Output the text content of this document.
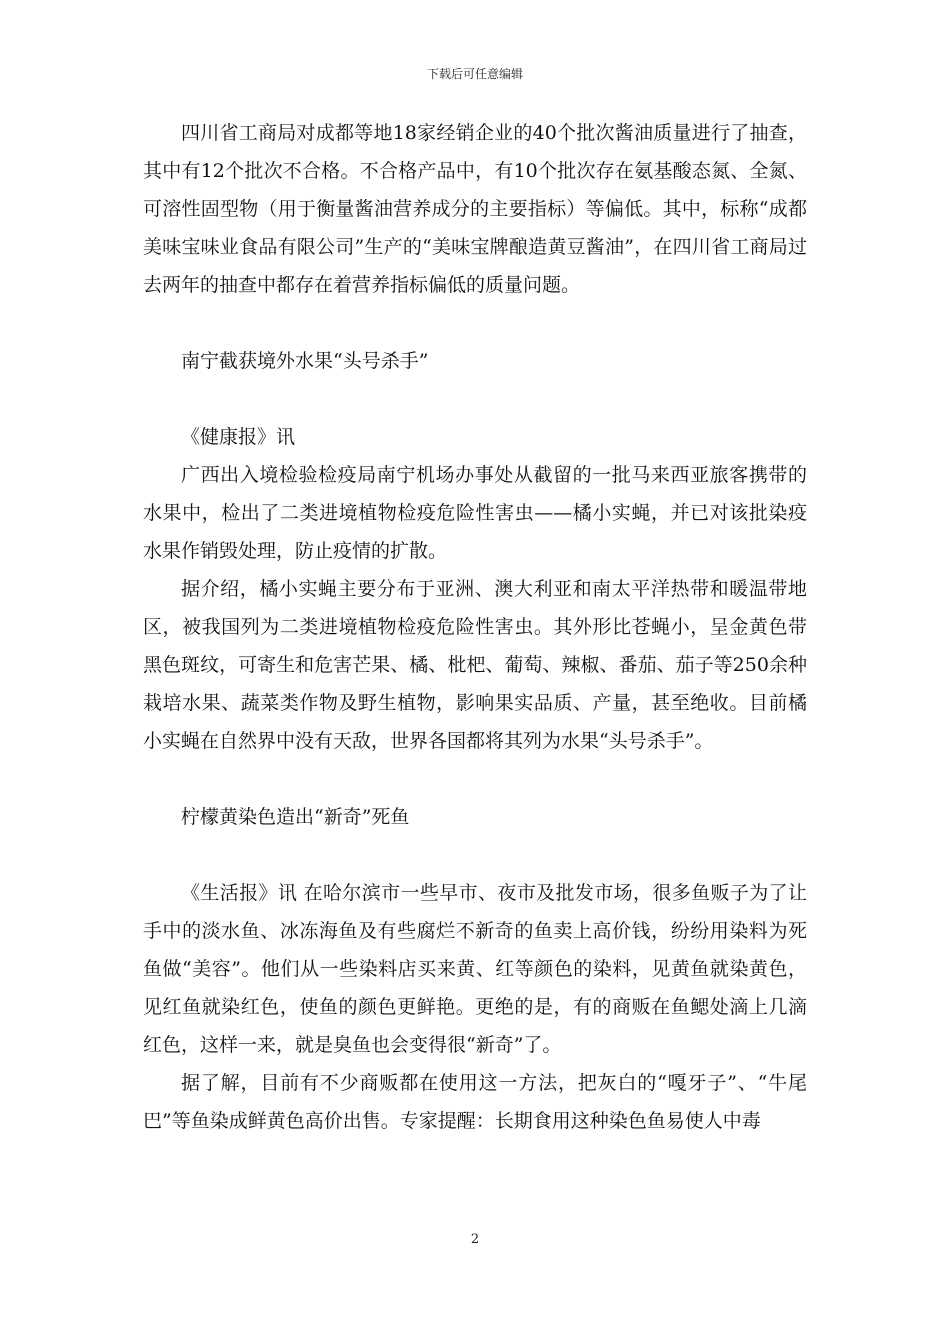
下载后可任意编辑

四川省工商局对成都等地18家经销企业的40个批次酱油质量进行了抽查，其中有12个批次不合格。不合格产品中，有10个批次存在氨基酸态氮、全氮、可溶性固型物（用于衡量酱油营养成分的主要指标）等偏低。其中，标称“成都美味宝味业食品有限公司”生产的“美味宝牌酿造黄豆酱油”，在四川省工商局过去两年的抽查中都存在着营养指标偏低的质量问题。

南宁截获境外水果“头号杀手”

《健康报》讯

广西出入境检验检疫局南宁机场办事处从截留的一批马来西亚旅客携带的水果中，检出了二类进境植物检疫危险性害虫——橘小实蝇，并已对该批染疫水果作销毁处理，防止疫情的扩散。

据介绍，橘小实蝇主要分布于亚洲、澳大利亚和南太平洋热带和暖温带地区，被我国列为二类进境植物检疫危险性害虫。其外形比苍蝇小，呈金黄色带黑色斑纹，可寄生和危害芒果、橘、枇杷、葡萄、辣椒、番茄、茄子等250余种栽培水果、蔬菜类作物及野生植物，影响果实品质、产量，甚至绝收。目前橘小实蝇在自然界中没有天敌，世界各国都将其列为水果“头号杀手”。

柠檬黄染色造出“新奇”死鱼

《生活报》讯 在哈尔滨市一些早市、夜市及批发市场，很多鱼贩子为了让手中的淡水鱼、冰冻海鱼及有些腐烂不新奇的鱼卖上高价钱，纷纷用染料为死鱼做“美容”。他们从一些染料店买来黄、红等颜色的染料，见黄鱼就染黄色，见红鱼就染红色，使鱼的颜色更鲜艳。更绝的是，有的商贩在鱼鳃处滴上几滴红色，这样一来，就是臭鱼也会变得很“新奇”了。

据了解，目前有不少商贩都在使用这一方法，把灰白的“嘎牙子”、“牛尾巴”等鱼染成鲜黄色高价出售。专家提醒：长期食用这种染色鱼易使人中毒

2
